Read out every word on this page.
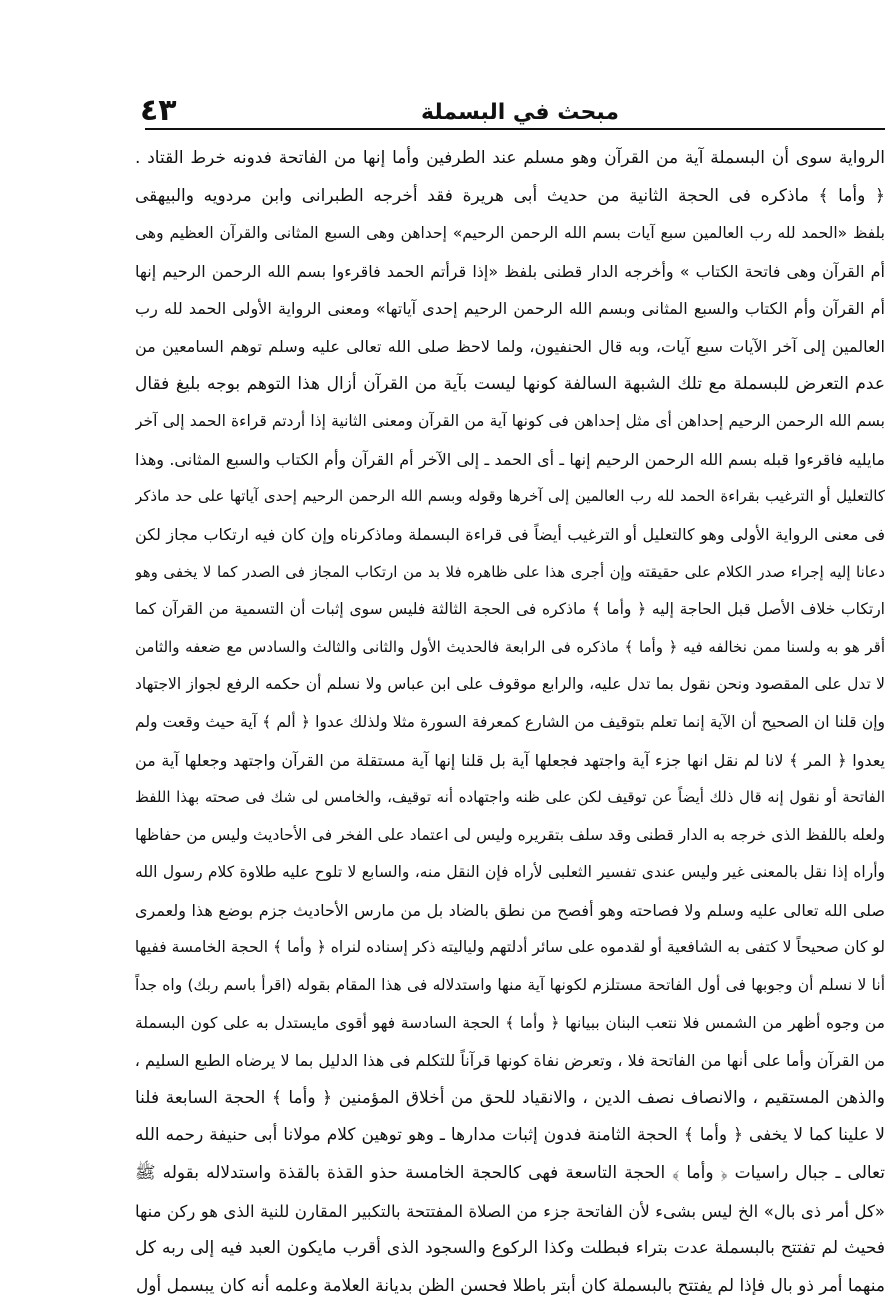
٤٣	مبحث في البسملة
الرواية سوى أن البسملة آية من القرآن وهو مسلم عند الطرفين وأما إنها من الفاتحة فدونه خرط القتاد .
﴿ وأما ﴾ ماذكره فى الحجة الثانية من حديث أبى هريرة فقد أخرجه الطبرانى وابن مردويه والبيهقى
بلفظ «الحمد لله رب العالمين سبع آيات بسم الله الرحمن الرحيم» إحداهن وهى السبع المثانى والقرآن العظيم وهى
أم القرآن وهى فاتحة الكتاب » وأخرجه الدار قطنى بلفظ «إذا قرأتم الحمد فاقرءوا بسم الله الرحمن الرحيم إنها
أم القرآن وأم الكتاب والسبع المثانى وبسم الله الرحمن الرحيم إحدى آياتها» ومعنى الرواية الأولى الحمد لله رب
العالمين إلى آخر الآيات سبع آيات، وبه قال الحنفيون، ولما لاحظ صلى الله تعالى عليه وسلم توهم السامعين من
عدم التعرض للبسملة مع تلك الشبهة السالفة كونها ليست بآية من القرآن أزال هذا التوهم بوجه بليغ فقال
بسم الله الرحمن الرحيم إحداهن أى مثل إحداهن فى كونها آية من القرآن ومعنى الثانية إذا أردتم قراءة الحمد إلى آخر
مايليه فاقرءوا قبله بسم الله الرحمن الرحيم إنها ـ أى الحمد ـ إلى الآخر أم القرآن وأم الكتاب والسبع المثانى. وهذا
كالتعليل أو الترغيب بقراءة الحمد لله رب العالمين إلى آخرها وقوله وبسم الله الرحمن الرحيم إحدى آياتها على حد ماذكر
فى معنى الرواية الأولى وهو كالتعليل أو الترغيب أيضاً فى قراءة البسملة وماذكرناه وإن كان فيه ارتكاب مجاز لكن
دعانا إليه إجراء صدر الكلام على حقيقته وإن أجرى هذا على ظاهره فلا بد من ارتكاب المجاز فى الصدر كما لا يخفى وهو
ارتكاب خلاف الأصل قبل الحاجة إليه ﴿ وأما ﴾ ماذكره فى الحجة الثالثة فليس سوى إثبات أن التسمية من القرآن كما
أقر هو به ولسنا ممن نخالفه فيه ﴿ وأما ﴾ ماذكره فى الرابعة فالحديث الأول والثانى والثالث والسادس مع ضعفه والثامن
لا تدل على المقصود ونحن نقول بما تدل عليه، والرابع موقوف على ابن عباس ولا نسلم أن حكمه الرفع لجواز الاجتهاد
وإن قلنا ان الصحيح أن الآية إنما تعلم بتوقيف من الشارع كمعرفة السورة مثلا ولذلك عدوا ﴿ ألم ﴾ آية حيث وقعت ولم
يعدوا ﴿ المر ﴾ لانا لم نقل انها جزء آية واجتهد فجعلها آية بل قلنا إنها آية مستقلة من القرآن واجتهد وجعلها آية من
الفاتحة أو نقول إنه قال ذلك أيضاً عن توقيف لكن على ظنه واجتهاده أنه توقيف، والخامس لى شك فى صحته بهذا اللفظ
ولعله باللفظ الذى خرجه به الدار قطنى وقد سلف بتقريره وليس لى اعتماد على الفخر فى الأحاديث وليس من حفاظها
وأراه إذا نقل بالمعنى غير وليس عندى تفسير الثعلبى لأراه فإن النقل منه، والسابع لا تلوح عليه طلاوة كلام رسول الله
صلى الله تعالى عليه وسلم ولا فصاحته وهو أفصح من نطق بالضاد بل من مارس الأحاديث جزم بوضع هذا ولعمرى
لو كان صحيحاً لا كتفى به الشافعية أو لقدموه على سائر أدلتهم ولياليته ذكر إسناده لنراه ﴿ وأما ﴾ الحجة الخامسة ففيها
أنا لا نسلم أن وجوبها فى أول الفاتحة مستلزم لكونها آية منها واستدلاله فى هذا المقام بقوله (اقرأ باسم ربك) واه جداً
من وجوه أظهر من الشمس فلا نتعب البنان ببيانها ﴿ وأما ﴾ الحجة السادسة فهو أقوى مايستدل به على كون البسملة
من القرآن وأما على أنها من الفاتحة فلا ، وتعرض نفاة كونها قرآناً للتكلم فى هذا الدليل بما لا يرضاه الطبع السليم ،
والذهن المستقيم ، والانصاف نصف الدين ، والانقياد للحق من أخلاق المؤمنين ﴿ وأما ﴾ الحجة السابعة فلنا
لا علينا كما لا يخفى ﴿ وأما ﴾ الحجة الثامنة فدون إثبات مدارها ـ وهو توهين كلام مولانا أبى حنيفة رحمه الله
تعالى ـ جبال راسيات ﴿ وأما ﴾ الحجة التاسعة فهى كالحجة الخامسة حذو القذة بالقذة واستدلاله بقوله ﷺ
«كل أمر ذى بال» الخ ليس بشىء لأن الفاتحة جزء من الصلاة المفتتحة بالتكبير المقارن للنية الذى هو ركن منها
فحيث لم تفتتح بالبسملة عدت بتراء فبطلت وكذا الركوع والسجود الذى أقرب مايكون العبد فيه إلى ربه كل
منهما أمر ذو بال فإذا لم يفتتح بالبسملة كان أبتر باطلا فحسن الظن بديانة العلامة وعلمه أنه كان يبسمل أول
